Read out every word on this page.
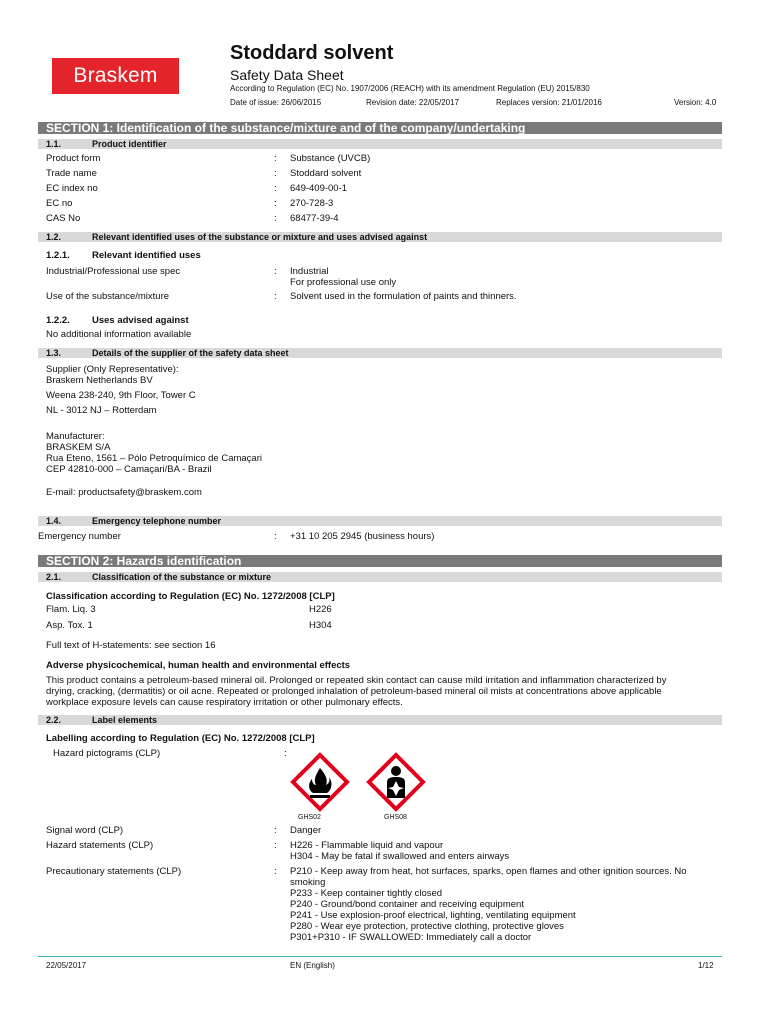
Braskem
Stoddard solvent
Safety Data Sheet
According to Regulation (EC) No. 1907/2006 (REACH) with its amendment Regulation (EU) 2015/830
Date of issue: 26/06/2015	Revision date: 22/05/2017	Replaces version: 21/01/2016	Version: 4.0
SECTION 1: Identification of the substance/mixture and of the company/undertaking
1.1.	Product identifier
Product form	: Substance (UVCB)
Trade name	: Stoddard solvent
EC index no	: 649-409-00-1
EC no	: 270-728-3
CAS No	: 68477-39-4
1.2.	Relevant identified uses of the substance or mixture and uses advised against
1.2.1. Relevant identified uses
Industrial/Professional use spec	: Industrial
For professional use only
Use of the substance/mixture	: Solvent used in the formulation of paints and thinners.
1.2.2. Uses advised against
No additional information available
1.3.	Details of the supplier of the safety data sheet
Supplier (Only Representative):
Braskem Netherlands BV
Weena 238-240, 9th Floor, Tower C
NL - 3012 NJ – Rotterdam
Manufacturer:
BRASKEM S/A
Rua Eteno, 1561 – Pólo Petroquímico de Camaçari
CEP 42810-000 – Camaçari/BA - Brazil
E-mail: productsafety@braskem.com
1.4.	Emergency telephone number
Emergency number	: +31 10 205 2945 (business hours)
SECTION 2: Hazards identification
2.1.	Classification of the substance or mixture
Classification according to Regulation (EC) No. 1272/2008 [CLP]
Flam. Liq. 3	H226
Asp. Tox. 1	H304
Full text of H-statements: see section 16
Adverse physicochemical, human health and environmental effects
This product contains a petroleum-based mineral oil. Prolonged or repeated skin contact can cause mild irritation and inflammation characterized by
drying, cracking, (dermatitis) or oil acne. Repeated or prolonged inhalation of petroleum-based mineral oil mists at concentrations above applicable
workplace exposure levels can cause respiratory irritation or other pulmonary effects.
2.2.	Label elements
Labelling according to Regulation (EC) No. 1272/2008 [CLP]
Hazard pictograms (CLP)	:
GHS02	GHS08
Signal word (CLP)	: Danger
Hazard statements (CLP)	: H226 - Flammable liquid and vapour
H304 - May be fatal if swallowed and enters airways
Precautionary statements (CLP)	: P210 - Keep away from heat, hot surfaces, sparks, open flames and other ignition sources. No
smoking
P233 - Keep container tightly closed
P240 - Ground/bond container and receiving equipment
P241 - Use explosion-proof electrical, lighting, ventilating equipment
P280 - Wear eye protection, protective clothing, protective gloves
P301+P310 - IF SWALLOWED: Immediately call a doctor
22/05/2017	EN (English)	1/12
